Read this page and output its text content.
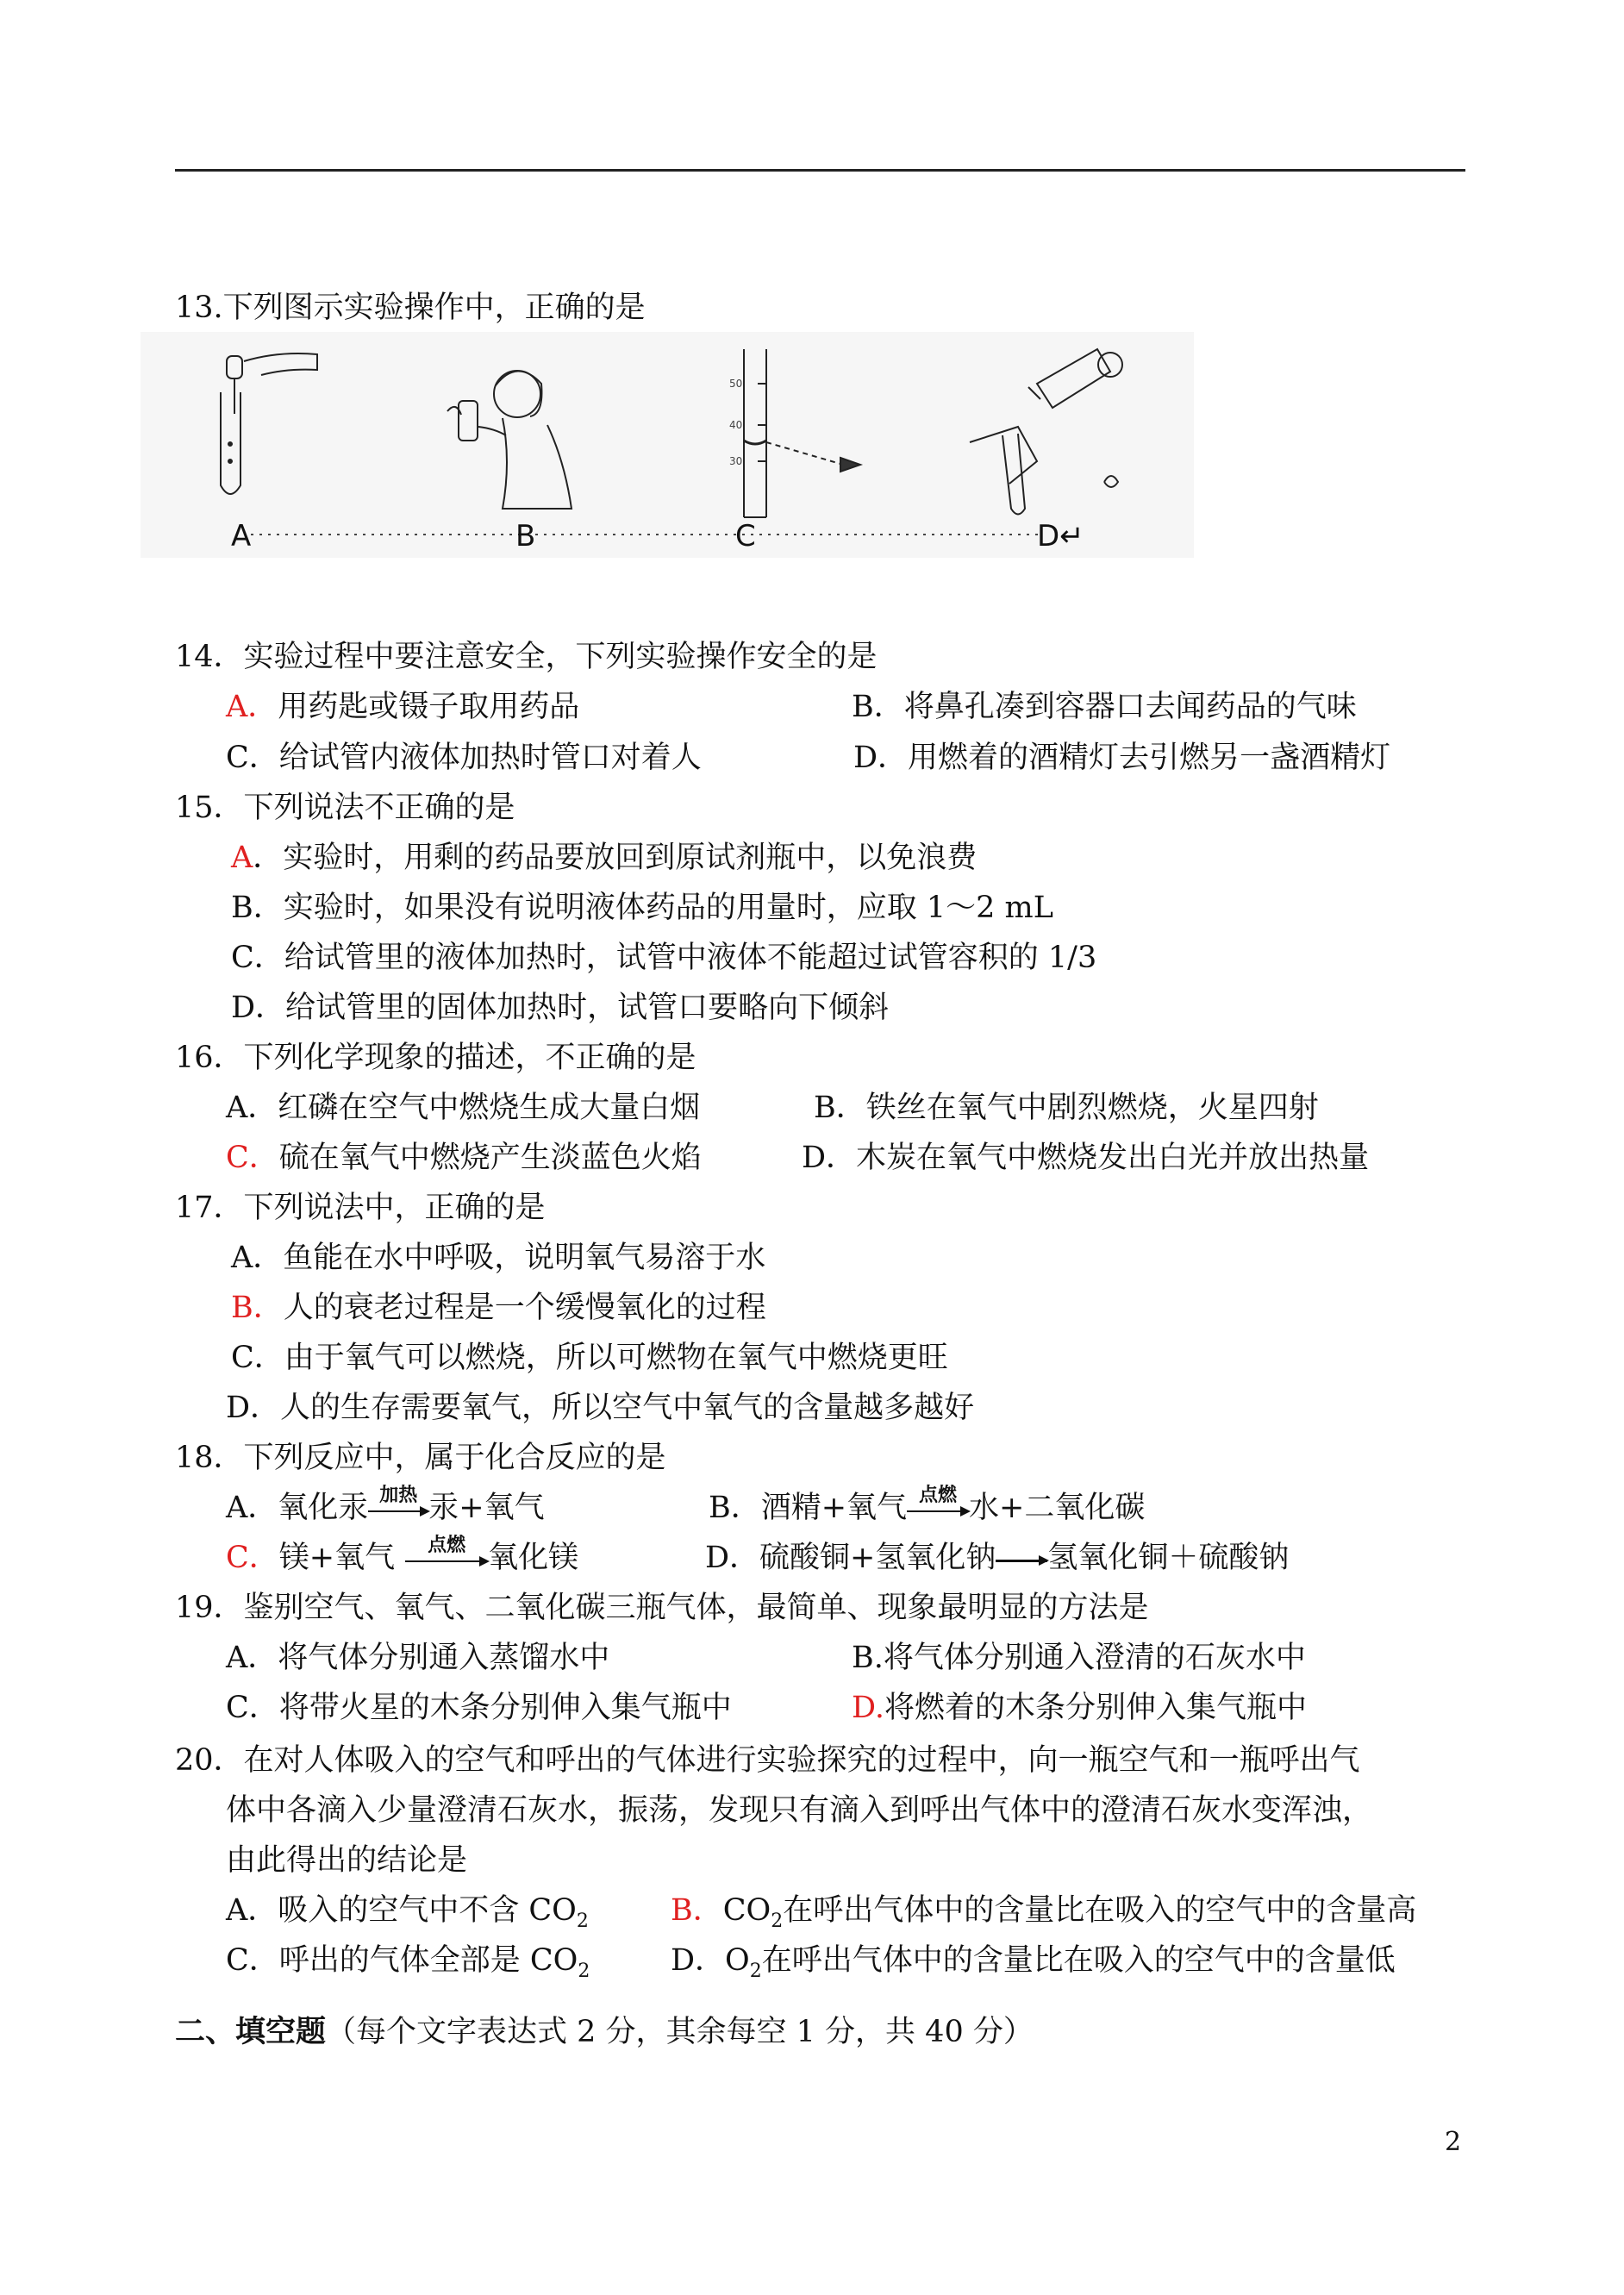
13.下列图示实验操作中，正确的是
50
40
30
A	B	C	D↵
14．实验过程中要注意安全，下列实验操作安全的是
A．用药匙或镊子取用药品	B．将鼻孔凑到容器口去闻药品的气味
C．给试管内液体加热时管口对着人	D．用燃着的酒精灯去引燃另一盏酒精灯
15．下列说法不正确的是
A．实验时，用剩的药品要放回到原试剂瓶中，以免浪费
B．实验时，如果没有说明液体药品的用量时，应取 1～2 mL
C．给试管里的液体加热时，试管中液体不能超过试管容积的 1/3
D．给试管里的固体加热时，试管口要略向下倾斜
16．下列化学现象的描述，不正确的是
A．红磷在空气中燃烧生成大量白烟	B．铁丝在氧气中剧烈燃烧，火星四射
C．硫在氧气中燃烧产生淡蓝色火焰	D．木炭在氧气中燃烧发出白光并放出热量
17．下列说法中，正确的是
A．鱼能在水中呼吸，说明氧气易溶于水
B．人的衰老过程是一个缓慢氧化的过程
C．由于氧气可以燃烧，所以可燃物在氧气中燃烧更旺
D．人的生存需要氧气，所以空气中氧气的含量越多越好
18．下列反应中，属于化合反应的是
A．氧化汞 加热 汞+氧气	B．酒精+氧气 点燃 水+二氧化碳
C．镁+氧气	点燃 氧化镁	D．硫酸铜+氢氧化钠→氢氧化铜＋硫酸钠
19．鉴别空气、氧气、二氧化碳三瓶气体，最简单、现象最明显的方法是
A．将气体分别通入蒸馏水中	B.将气体分别通入澄清的石灰水中
C．将带火星的木条分别伸入集气瓶中	D.将燃着的木条分别伸入集气瓶中
20．在对人体吸入的空气和呼出的气体进行实验探究的过程中，向一瓶空气和一瓶呼出气
体中各滴入少量澄清石灰水，振荡，发现只有滴入到呼出气体中的澄清石灰水变浑浊，
由此得出的结论是
A．吸入的空气中不含 $CO_2$	B．$CO_2$在呼出气体中的含量比在吸入的空气中的含量高
C．呼出的气体全部是 $CO_2$	D．$O_2$在呼出气体中的含量比在吸入的空气中的含量低
二、填空题（每个文字表达式 2 分，其余每空 1 分，共 40 分）
2
